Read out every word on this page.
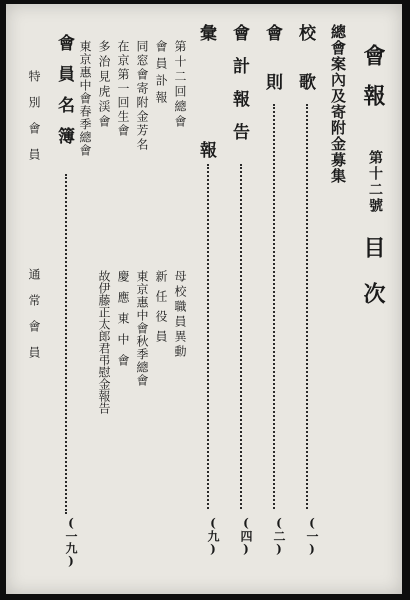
會報
第十二號
目次
總會案內及寄附金募集
校歌
(一)
會則
(二)
會計報告
(四)
彙報
(九)
第十二回總會
會員訃報
同窓會寄附金芳名
在京第一回生會
多治見虎渓會
東京惠中會春季總會
母校職員異動
新任役員
東京惠中會秋季總會
慶應東中會
故伊藤正太郎君弔慰金報告
會員名簿
(一九)
特別會員
通常會員
